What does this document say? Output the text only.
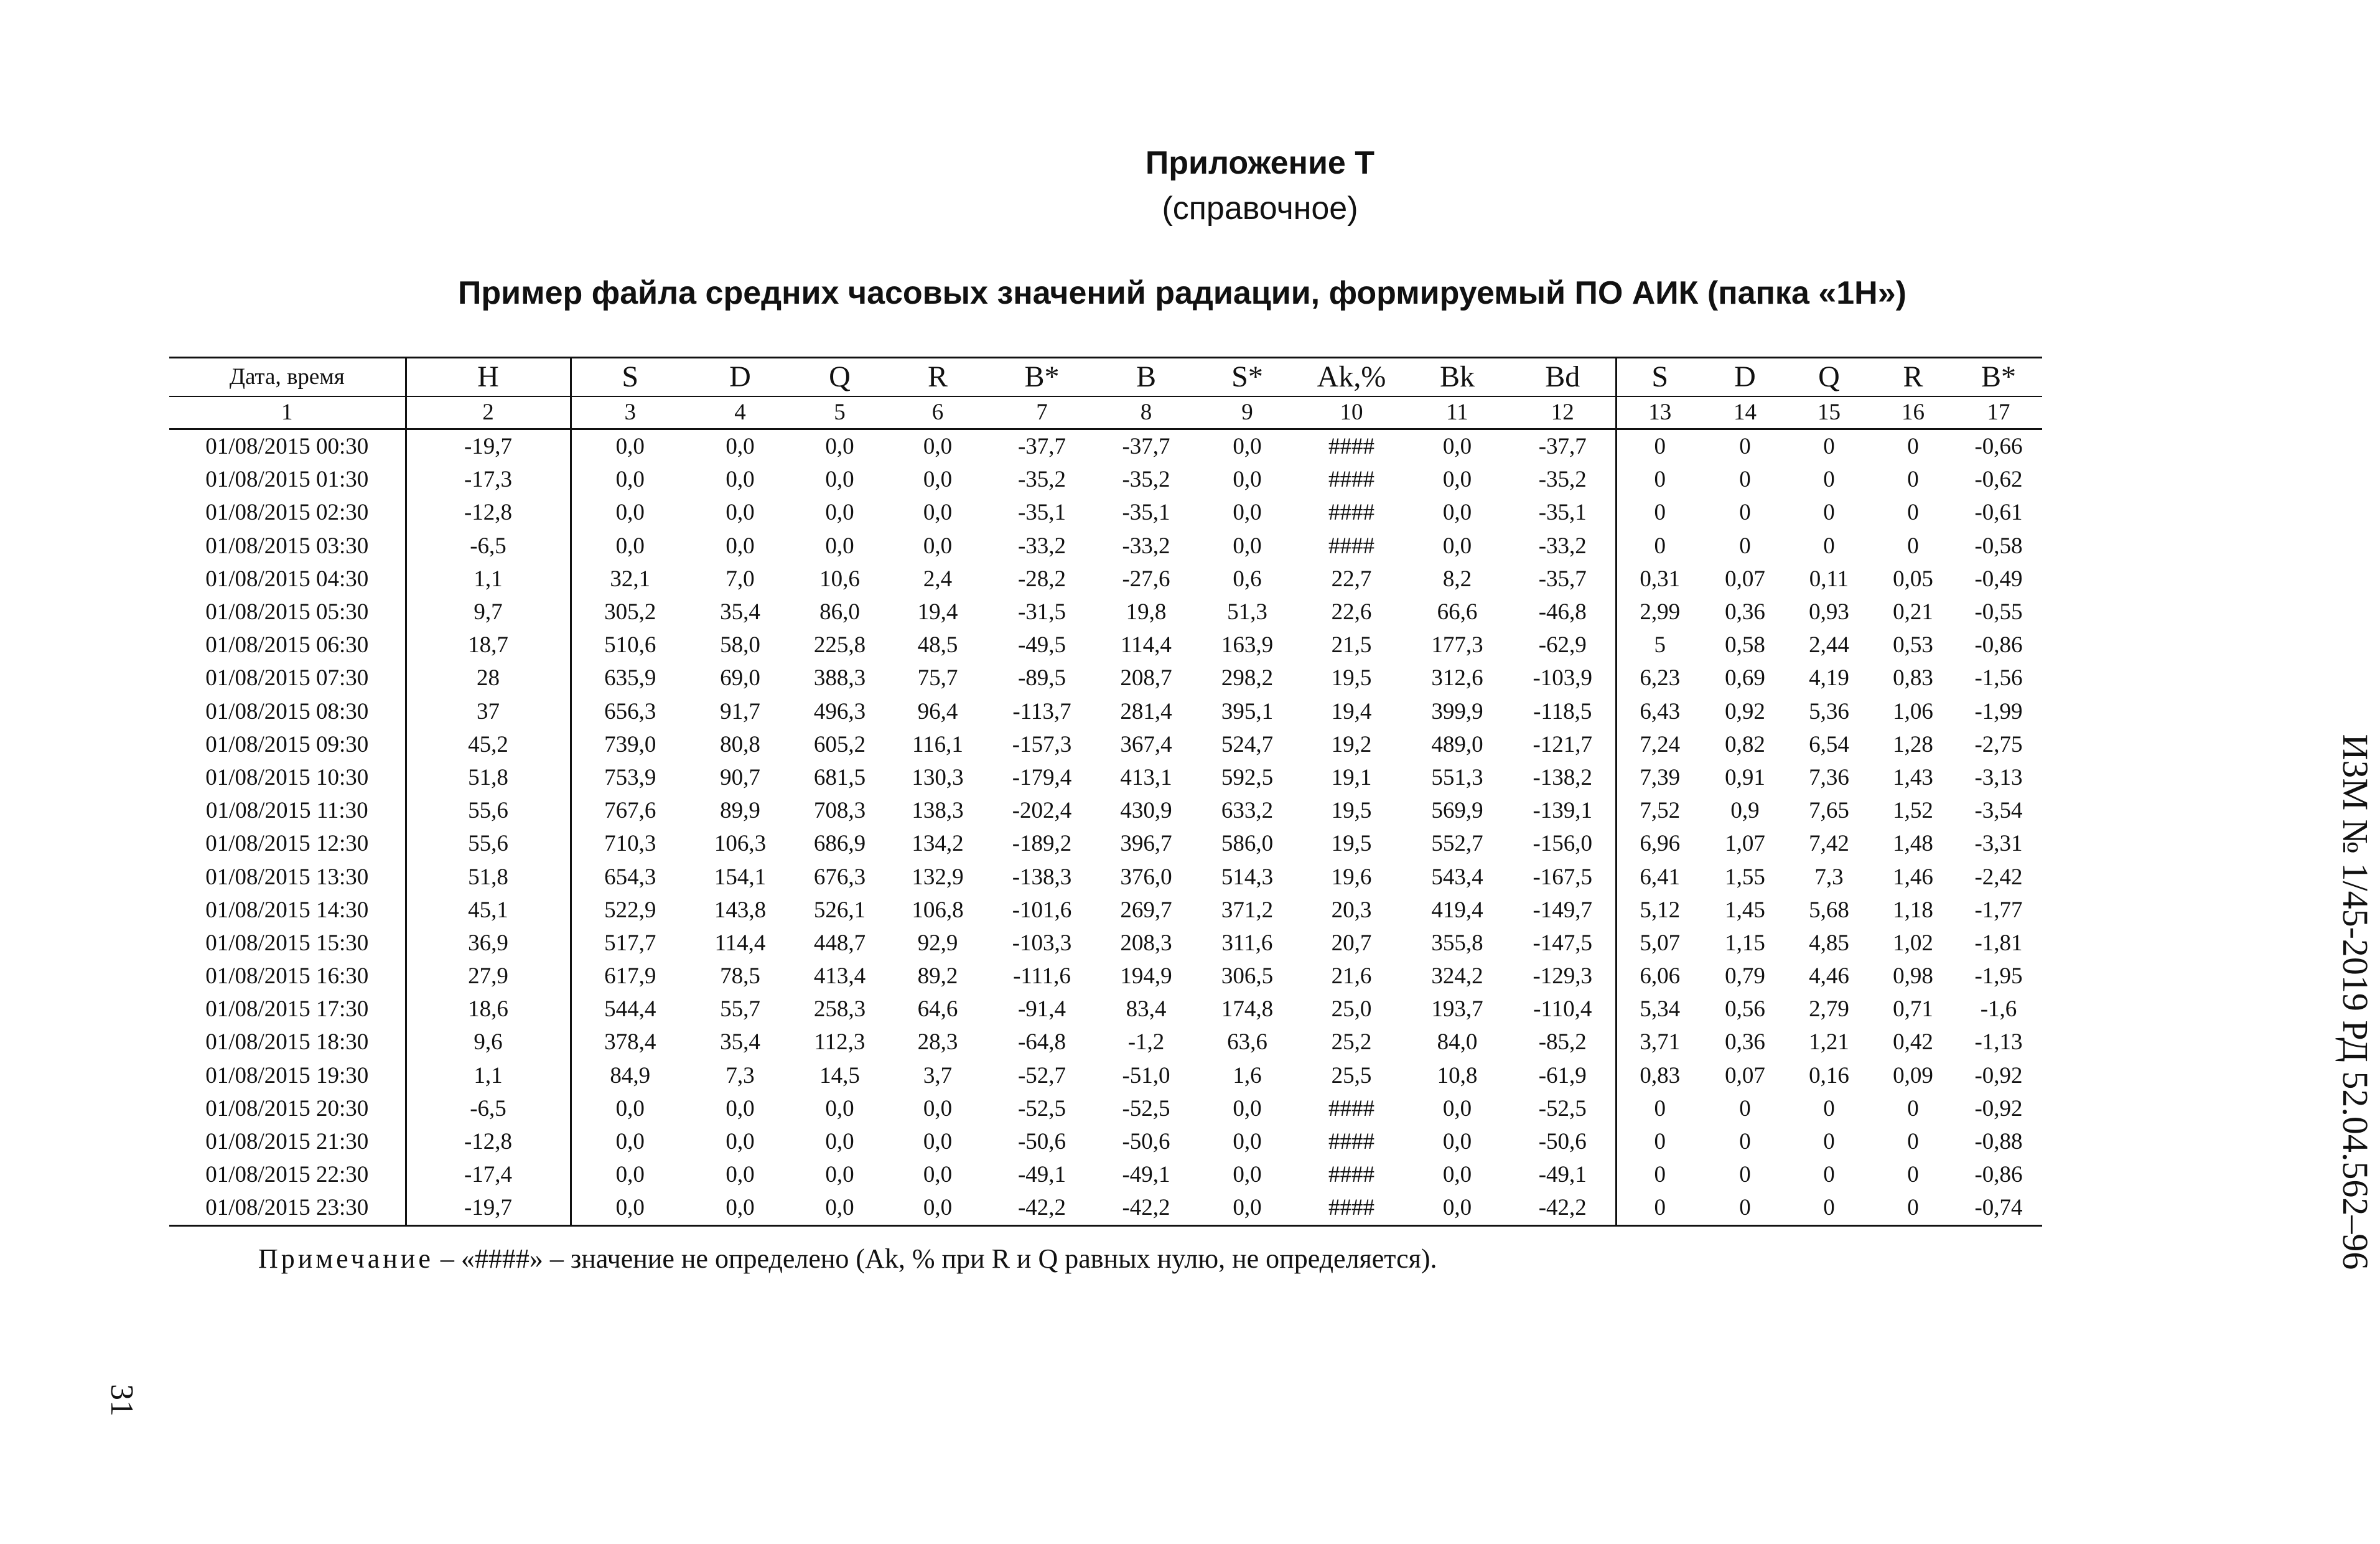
Приложение Т
(справочное)
Пример файла средних часовых значений радиации, формируемый ПО АИК (папка «1Н»)
Дата, время	H	S	D	Q	R	B*	B	S*	Ak,%	Bk	Bd	S	D	Q	R	B*
1	2	3	4	5	6	7	8	9	10	11	12	13	14	15	16	17
01/08/2015 00:30	-19,7	0,0	0,0	0,0	0,0	-37,7	-37,7	0,0	####	0,0	-37,7	0	0	0	0	-0,66
01/08/2015 01:30	-17,3	0,0	0,0	0,0	0,0	-35,2	-35,2	0,0	####	0,0	-35,2	0	0	0	0	-0,62
01/08/2015 02:30	-12,8	0,0	0,0	0,0	0,0	-35,1	-35,1	0,0	####	0,0	-35,1	0	0	0	0	-0,61
01/08/2015 03:30	-6,5	0,0	0,0	0,0	0,0	-33,2	-33,2	0,0	####	0,0	-33,2	0	0	0	0	-0,58
01/08/2015 04:30	1,1	32,1	7,0	10,6	2,4	-28,2	-27,6	0,6	22,7	8,2	-35,7	0,31	0,07	0,11	0,05	-0,49
01/08/2015 05:30	9,7	305,2	35,4	86,0	19,4	-31,5	19,8	51,3	22,6	66,6	-46,8	2,99	0,36	0,93	0,21	-0,55
01/08/2015 06:30	18,7	510,6	58,0	225,8	48,5	-49,5	114,4	163,9	21,5	177,3	-62,9	5	0,58	2,44	0,53	-0,86
01/08/2015 07:30	28	635,9	69,0	388,3	75,7	-89,5	208,7	298,2	19,5	312,6	-103,9	6,23	0,69	4,19	0,83	-1,56
01/08/2015 08:30	37	656,3	91,7	496,3	96,4	-113,7	281,4	395,1	19,4	399,9	-118,5	6,43	0,92	5,36	1,06	-1,99
01/08/2015 09:30	45,2	739,0	80,8	605,2	116,1	-157,3	367,4	524,7	19,2	489,0	-121,7	7,24	0,82	6,54	1,28	-2,75
01/08/2015 10:30	51,8	753,9	90,7	681,5	130,3	-179,4	413,1	592,5	19,1	551,3	-138,2	7,39	0,91	7,36	1,43	-3,13
01/08/2015 11:30	55,6	767,6	89,9	708,3	138,3	-202,4	430,9	633,2	19,5	569,9	-139,1	7,52	0,9	7,65	1,52	-3,54
01/08/2015 12:30	55,6	710,3	106,3	686,9	134,2	-189,2	396,7	586,0	19,5	552,7	-156,0	6,96	1,07	7,42	1,48	-3,31
01/08/2015 13:30	51,8	654,3	154,1	676,3	132,9	-138,3	376,0	514,3	19,6	543,4	-167,5	6,41	1,55	7,3	1,46	-2,42
01/08/2015 14:30	45,1	522,9	143,8	526,1	106,8	-101,6	269,7	371,2	20,3	419,4	-149,7	5,12	1,45	5,68	1,18	-1,77
01/08/2015 15:30	36,9	517,7	114,4	448,7	92,9	-103,3	208,3	311,6	20,7	355,8	-147,5	5,07	1,15	4,85	1,02	-1,81
01/08/2015 16:30	27,9	617,9	78,5	413,4	89,2	-111,6	194,9	306,5	21,6	324,2	-129,3	6,06	0,79	4,46	0,98	-1,95
01/08/2015 17:30	18,6	544,4	55,7	258,3	64,6	-91,4	83,4	174,8	25,0	193,7	-110,4	5,34	0,56	2,79	0,71	-1,6
01/08/2015 18:30	9,6	378,4	35,4	112,3	28,3	-64,8	-1,2	63,6	25,2	84,0	-85,2	3,71	0,36	1,21	0,42	-1,13
01/08/2015 19:30	1,1	84,9	7,3	14,5	3,7	-52,7	-51,0	1,6	25,5	10,8	-61,9	0,83	0,07	0,16	0,09	-0,92
01/08/2015 20:30	-6,5	0,0	0,0	0,0	0,0	-52,5	-52,5	0,0	####	0,0	-52,5	0	0	0	0	-0,92
01/08/2015 21:30	-12,8	0,0	0,0	0,0	0,0	-50,6	-50,6	0,0	####	0,0	-50,6	0	0	0	0	-0,88
01/08/2015 22:30	-17,4	0,0	0,0	0,0	0,0	-49,1	-49,1	0,0	####	0,0	-49,1	0	0	0	0	-0,86
01/08/2015 23:30	-19,7	0,0	0,0	0,0	0,0	-42,2	-42,2	0,0	####	0,0	-42,2	0	0	0	0	-0,74
Примечание – «####» – значение не определено (Ak, % при R и Q равных нулю, не определяется).	ИЗМ № 1/45-2019 РД 52.04.562–96
31
